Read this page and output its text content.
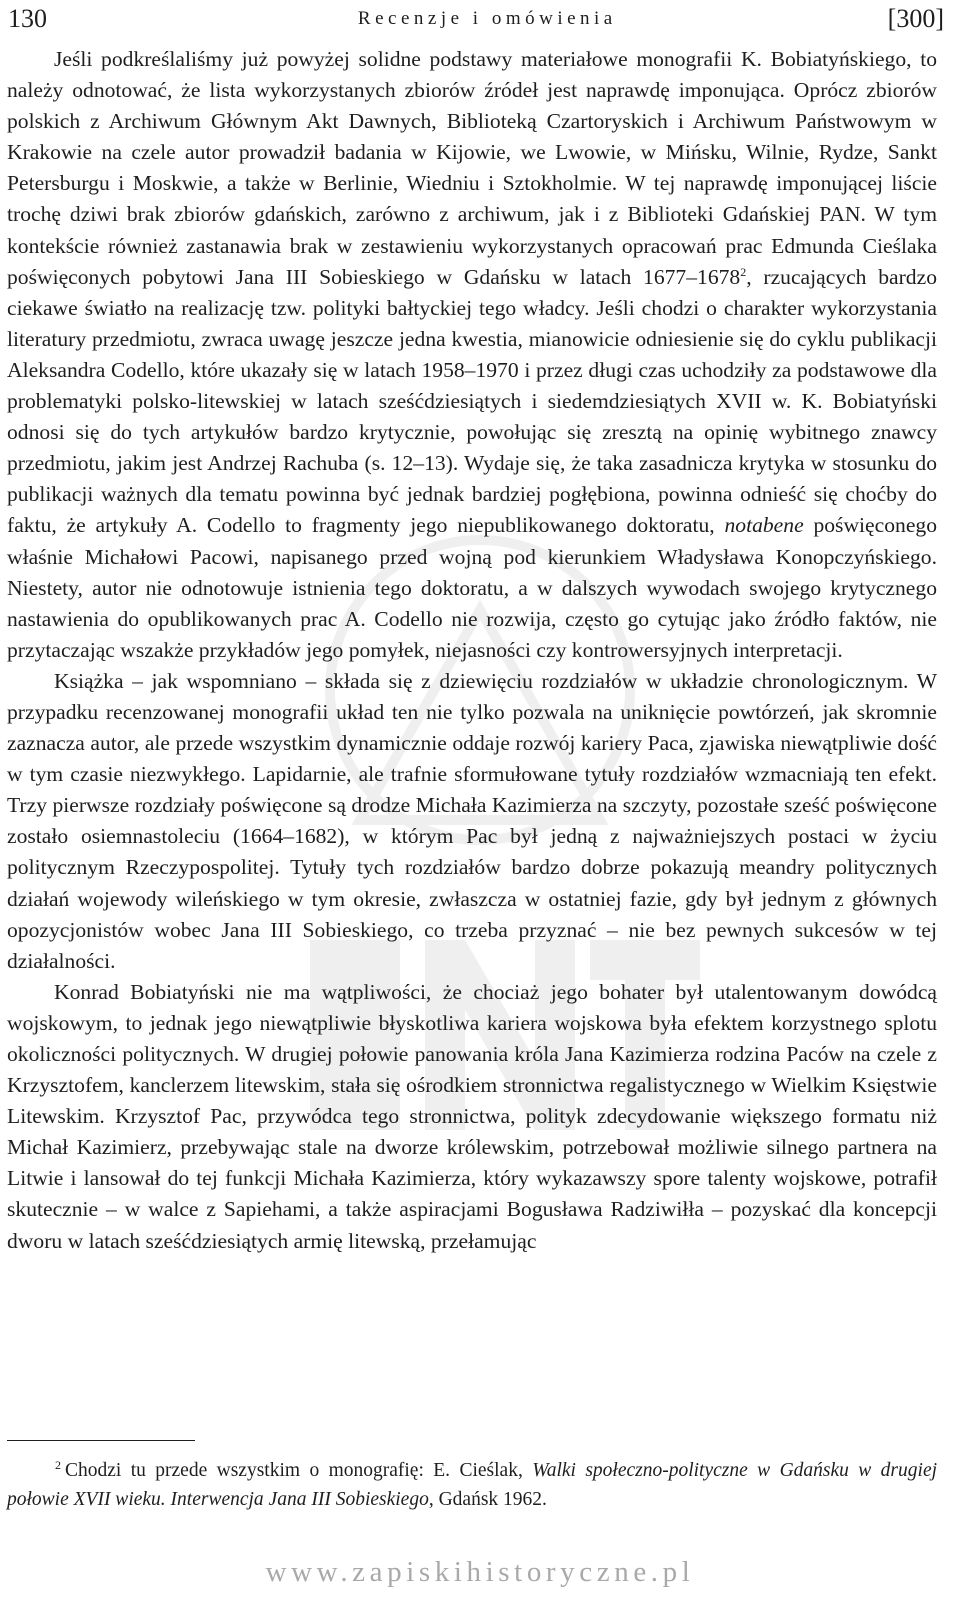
130	Recenzje i omówienia	[300]

Jeśli podkreślaliśmy już powyżej solidne podstawy materiałowe monografii K. Bobiatyńskiego, to należy odnotować, że lista wykorzystanych zbiorów źródeł jest naprawdę imponująca. Oprócz zbiorów polskich z Archiwum Głównym Akt Dawnych, Biblioteką Czartoryskich i Archiwum Państwowym w Krakowie na czele autor prowadził badania w Kijowie, we Lwowie, w Mińsku, Wilnie, Rydze, Sankt Petersburgu i Moskwie, a także w Berlinie, Wiedniu i Sztokholmie. W tej naprawdę imponującej liście trochę dziwi brak zbiorów gdańskich, zarówno z archiwum, jak i z Biblioteki Gdańskiej PAN. W tym kontekście również zastanawia brak w zestawieniu wykorzystanych opracowań prac Edmunda Cieślaka poświęconych pobytowi Jana III Sobieskiego w Gdańsku w latach 1677–1678$^2$, rzucających bardzo ciekawe światło na realizację tzw. polityki bałtyckiej tego władcy. Jeśli chodzi o charakter wykorzystania literatury przedmiotu, zwraca uwagę jeszcze jedna kwestia, mianowicie odniesienie się do cyklu publikacji Aleksandra Codello, które ukazały się w latach 1958–1970 i przez długi czas uchodziły za podstawowe dla problematyki polsko-litewskiej w latach sześćdziesiątych i siedemdziesiątych XVII w. K. Bobiatyński odnosi się do tych artykułów bardzo krytycznie, powołując się zresztą na opinię wybitnego znawcy przedmiotu, jakim jest Andrzej Rachuba (s. 12–13). Wydaje się, że taka zasadnicza krytyka w stosunku do publikacji ważnych dla tematu powinna być jednak bardziej pogłębiona, powinna odnieść się choćby do faktu, że artykuły A. Codello to fragmenty jego niepublikowanego doktoratu, notabene poświęconego właśnie Michałowi Pacowi, napisanego przed wojną pod kierunkiem Władysława Konopczyńskiego. Niestety, autor nie odnotowuje istnienia tego doktoratu, a w dalszych wywodach swojego krytycznego nastawienia do opublikowanych prac A. Codello nie rozwija, często go cytując jako źródło faktów, nie przytaczając wszakże przykładów jego pomyłek, niejasności czy kontrowersyjnych interpretacji.

Książka – jak wspomniano – składa się z dziewięciu rozdziałów w układzie chronologicznym. W przypadku recenzowanej monografii układ ten nie tylko pozwala na uniknięcie powtórzeń, jak skromnie zaznacza autor, ale przede wszystkim dynamicznie oddaje rozwój kariery Paca, zjawiska niewątpliwie dość w tym czasie niezwykłego. Lapidarnie, ale trafnie sformułowane tytuły rozdziałów wzmacniają ten efekt. Trzy pierwsze rozdziały poświęcone są drodze Michała Kazimierza na szczyty, pozostałe sześć poświęcone zostało osiemnastoleciu (1664–1682), w którym Pac był jedną z najważniejszych postaci w życiu politycznym Rzeczypospolitej. Tytuły tych rozdziałów bardzo dobrze pokazują meandry politycznych działań wojewody wileńskiego w tym okresie, zwłaszcza w ostatniej fazie, gdy był jednym z głównych opozycjonistów wobec Jana III Sobieskiego, co trzeba przyznać – nie bez pewnych sukcesów w tej działalności.

Konrad Bobiatyński nie ma wątpliwości, że chociaż jego bohater był utalentowanym dowódcą wojskowym, to jednak jego niewątpliwie błyskotliwa kariera wojskowa była efektem korzystnego splotu okoliczności politycznych. W drugiej połowie panowania króla Jana Kazimierza rodzina Paców na czele z Krzysztofem, kanclerzem litewskim, stała się ośrodkiem stronnictwa regalistycznego w Wielkim Księstwie Litewskim. Krzysztof Pac, przywódca tego stronnictwa, polityk zdecydowanie większego formatu niż Michał Kazimierz, przebywając stale na dworze królewskim, potrzebował możliwie silnego partnera na Litwie i lansował do tej funkcji Michała Kazimierza, który wykazawszy spore talenty wojskowe, potrafił skutecznie – w walce z Sapiehami, a także aspiracjami Bogusława Radziwiłła – pozyskać dla koncepcji dworu w latach sześćdziesiątych armię litewską, przełamując

$^2$ Chodzi tu przede wszystkim o monografię: E. Cieślak, Walki społeczno-polityczne w Gdańsku w drugiej połowie XVII wieku. Interwencja Jana III Sobieskiego, Gdańsk 1962.
www.zapiskihistoryczne.pl
